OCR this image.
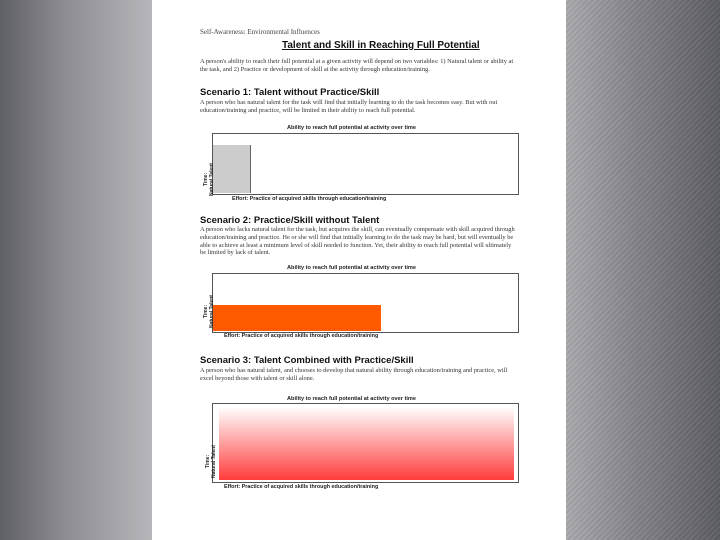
Self-Awareness: Environmental Influences
Talent and Skill in Reaching Full Potential
A person's ability to reach their full potential at a given activity will depend on two variables: 1) Natural talent or ability at the task, and 2) Practice or development of skill at the activity through education/training.
Scenario 1: Talent without Practice/Skill
A person who has natural talent for the task will find that initially learning to do the task becomes easy. But with out education/training and practice, will be limited in their ability to reach full potential.
Ability to reach full potential at activity over time
Time:
Natural Talent
Effort: Practice of acquired skills through education/training
Scenario 2: Practice/Skill without Talent
A person who lacks natural talent for the task, but acquires the skill, can eventually compensate with skill acquired through education/training and practice. He or she will find that initially learning to do the task may be hard, but will eventually be able to achieve at least a minimum level of skill needed to function. Yet, their ability to reach full potential will ultimately be limited by lack of talent.
Ability to reach full potential at activity over time
Time:
Natural Talent
Effort: Practice of acquired skills through education/training
Scenario 3: Talent Combined with Practice/Skill
A person who has natural talent, and chooses to develop that natural ability through education/training and practice, will excel beyond those with talent or skill alone.
Ability to reach full potential at activity over time
Time:
Natural Talent
Effort: Practice of acquired skills through education/training
